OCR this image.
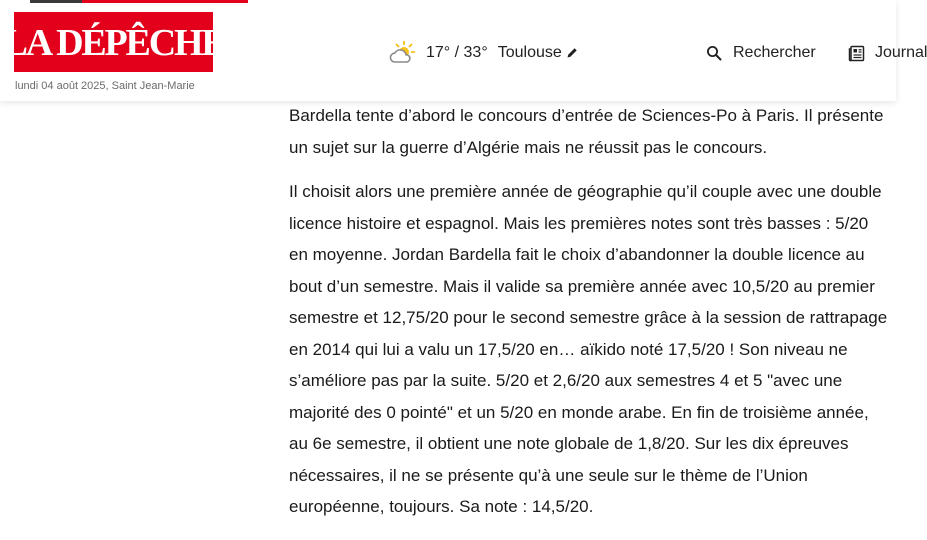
Bardella tente d’abord le concours d’entrée de Sciences-Po à Paris. Il présente un sujet sur la guerre d’Algérie mais ne réussit pas le concours.

Il choisit alors une première année de géographie qu’il couple avec une double licence histoire et espagnol. Mais les premières notes sont très basses : 5/20 en moyenne. Jordan Bardella fait le choix d’abandonner la double licence au bout d’un semestre. Mais il valide sa première année avec 10,5/20 au premier semestre et 12,75/20 pour le second semestre grâce à la session de rattrapage en 2014 qui lui a valu un 17,5/20 en… aïkido noté 17,5/20 ! Son niveau ne s’améliore pas par la suite. 5/20 et 2,6/20 aux semestres 4 et 5 "avec une majorité des 0 pointé" et un 5/20 en monde arabe. En fin de troisième année, au 6e semestre, il obtient une note globale de 1,8/20. Sur les dix épreuves nécessaires, il ne se présente qu’à une seule sur le thème de l’Union européenne, toujours. Sa note : 14,5/20.

LA DÉPÊCHE
lundi 04 août 2025, Saint Jean-Marie
17° / 33° Toulouse	Rechercher	Journal
